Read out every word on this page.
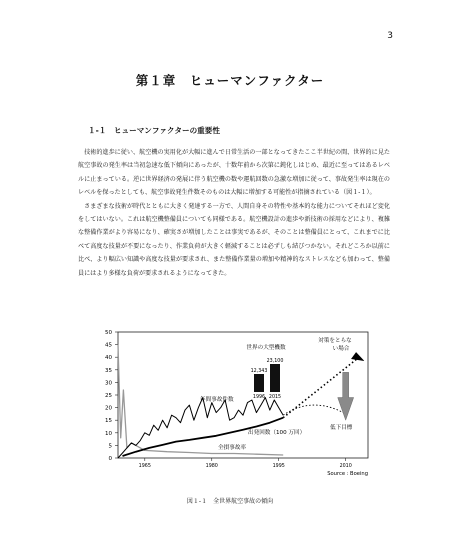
3
第１章　ヒューマンファクター
１-１　ヒューマンファクターの重要性

技術的進歩に従い、航空機の実用化が大幅に進んで日常生活の一部となってきたここ半世紀の間、世界的に見た航空事故の発生率は当初急速な低下傾向にあったが、十数年前から次第に鈍化しはじめ、最近に至ってはあるレベルに止まっている。逆に世界経済の発展に伴う航空機の数や運航回数の急激な増加に従って、事故発生率は現在のレベルを保ったとしても、航空事故発生件数そのものは大幅に増加する可能性が指摘されている（図１-１）。

さまざまな技術が時代とともに大きく発達する一方で、人間自身その特性や基本的な能力についてそれほど変化をしてはいない。これは航空機整備員についても同様である。航空機設計の進歩や新技術の採用などにより、複雑な整備作業がより容易になり、確実さが増加したことは事実であるが、そのことは整備員にとって、これまでに比べて高度な技量が不要になったり、作業負荷が大きく軽減することは必ずしも結びつかない。それどころか以前に比べ、より幅広い知識や高度な技量が要求され、また整備作業量の増加や精神的なストレスなども加わって、整備員にはより多様な負荷が要求されるようになってきた。

50
45
40
35
30
25
20
15
10
5
0
1965	1980	1995	2010
世界の大型機数
12,343
1996
23,100
2015
対策をとらな
い場合
低下目標
年間事故件数
出発回数（100 万回）
全損事故率
Source : Boeing
図１-１　全世界航空事故の傾向
